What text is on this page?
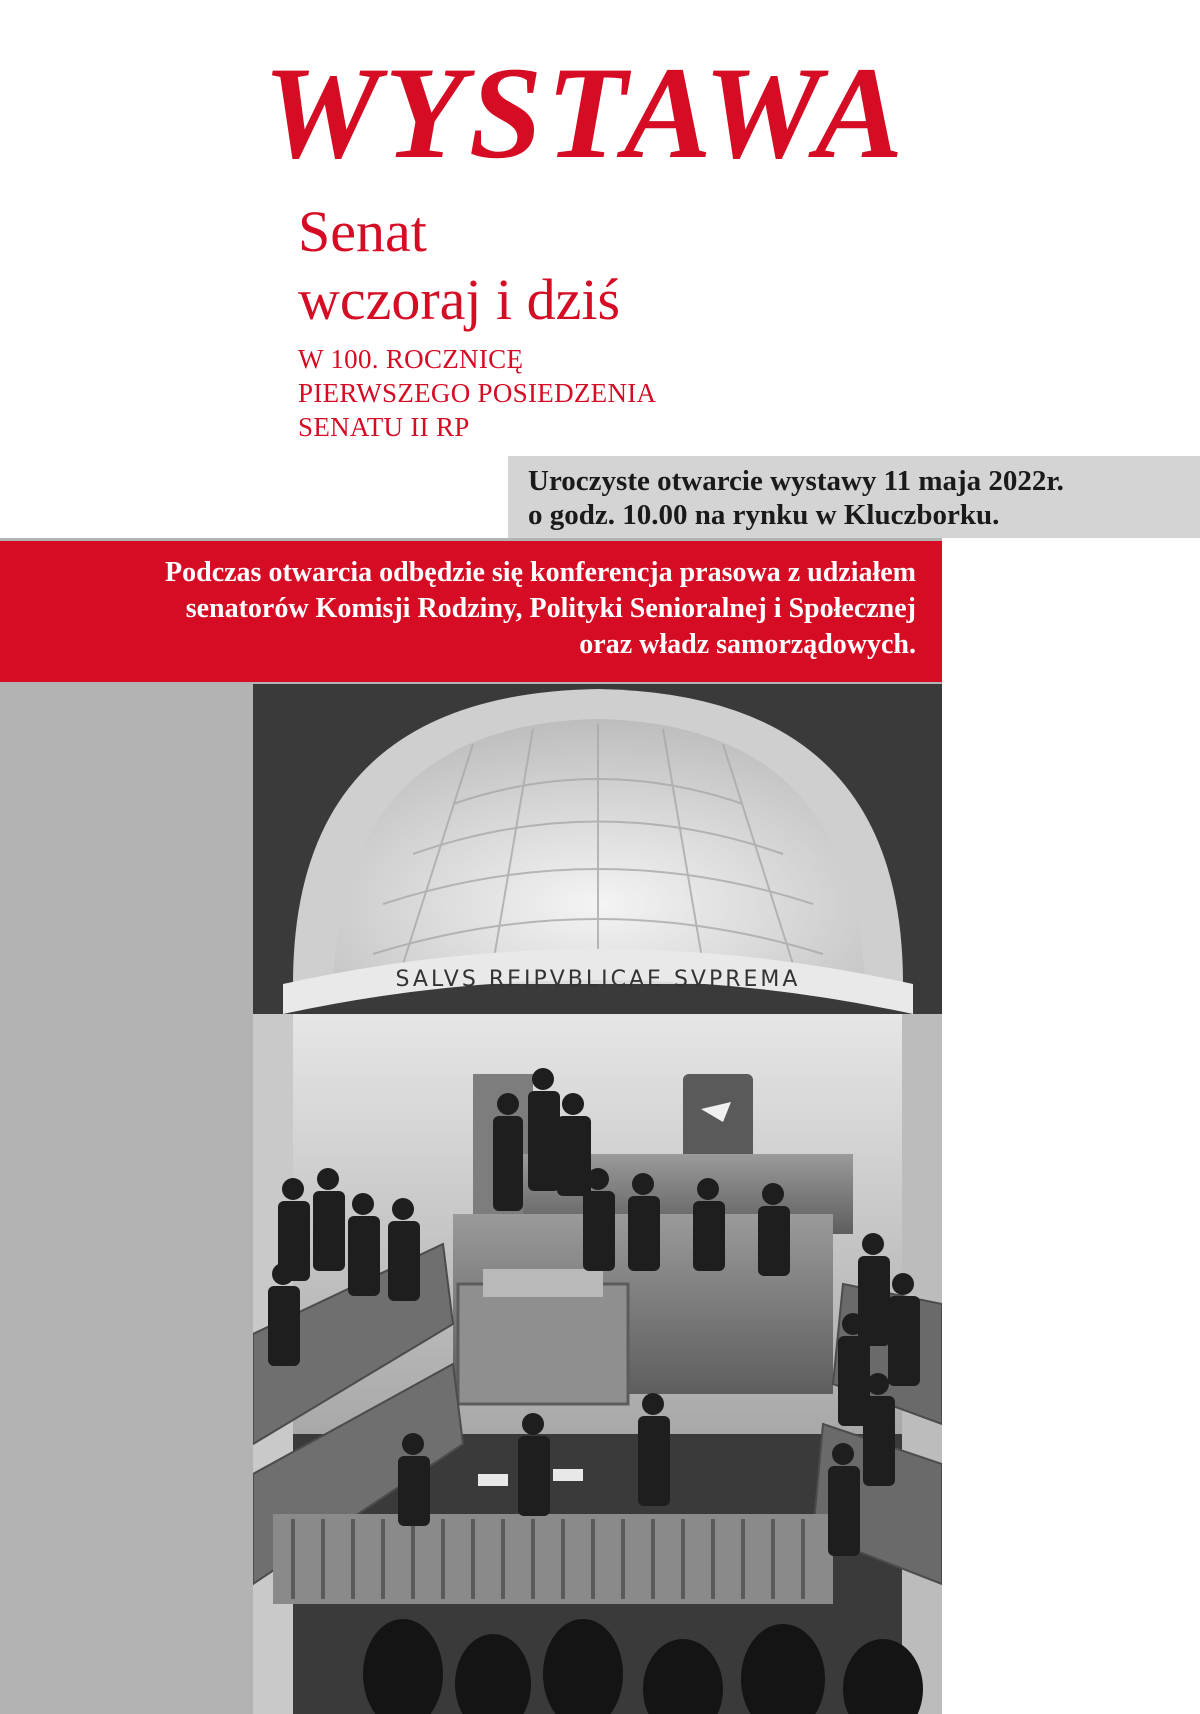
WYSTAWA
Senat
wczoraj i dziś
W 100. ROCZNICĘ
PIERWSZEGO POSIEDZENIA
SENATU II RP
Uroczyste otwarcie wystawy 11 maja 2022r.
o godz. 10.00 na rynku w Kluczborku.
Podczas otwarcia odbędzie się konferencja prasowa z udziałem
senatorów Komisji Rodziny, Polityki Senioralnej i Społecznej
oraz władz samorządowych.
SALVS REIPVBLICAE SVPREMA
